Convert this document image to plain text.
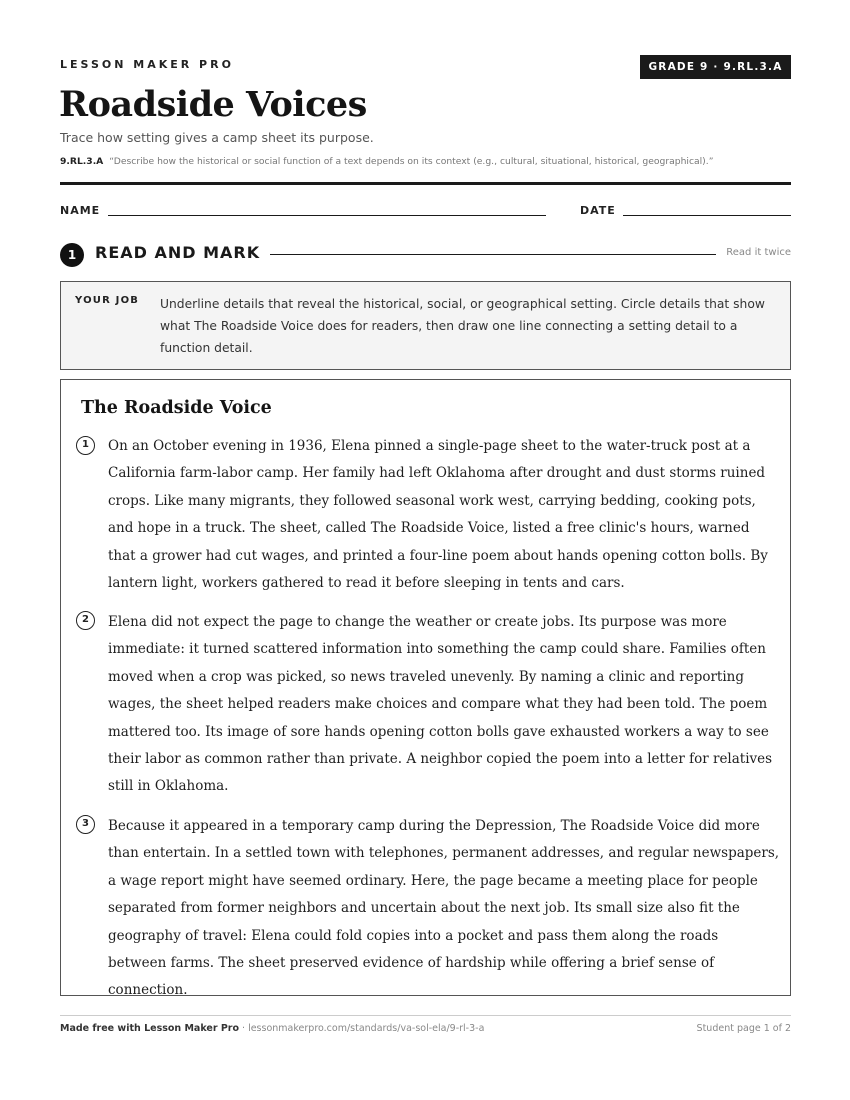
LESSON MAKER PRO	GRADE 9 · 9.RL.3.A
Roadside Voices
Trace how setting gives a camp sheet its purpose.
9.RL.3.A “Describe how the historical or social function of a text depends on its context (e.g., cultural, situational, historical, geographical).”
NAME	DATE
1	READ AND MARK	Read it twice
YOUR JOB Underline details that reveal the historical, social, or geographical setting. Circle details that show what The Roadside Voice does for readers, then draw one line connecting a setting detail to a function detail.
The Roadside Voice
1	On an October evening in 1936, Elena pinned a single-page sheet to the water-truck post at a California farm-labor camp. Her family had left Oklahoma after drought and dust storms ruined crops. Like many migrants, they followed seasonal work west, carrying bedding, cooking pots, and hope in a truck. The sheet, called The Roadside Voice, listed a free clinic's hours, warned that a grower had cut wages, and printed a four-line poem about hands opening cotton bolls. By lantern light, workers gathered to read it before sleeping in tents and cars.
2	Elena did not expect the page to change the weather or create jobs. Its purpose was more immediate: it turned scattered information into something the camp could share. Families often moved when a crop was picked, so news traveled unevenly. By naming a clinic and reporting wages, the sheet helped readers make choices and compare what they had been told. The poem mattered too. Its image of sore hands opening cotton bolls gave exhausted workers a way to see their labor as common rather than private. A neighbor copied the poem into a letter for relatives still in Oklahoma.
3	Because it appeared in a temporary camp during the Depression, The Roadside Voice did more than entertain. In a settled town with telephones, permanent addresses, and regular newspapers, a wage report might have seemed ordinary. Here, the page became a meeting place for people separated from former neighbors and uncertain about the next job. Its small size also fit the geography of travel: Elena could fold copies into a pocket and pass them along the roads between farms. The sheet preserved evidence of hardship while offering a brief sense of connection.
Made free with Lesson Maker Pro · lessonmakerpro.com/standards/va-sol-ela/9-rl-3-a	Student page 1 of 2
